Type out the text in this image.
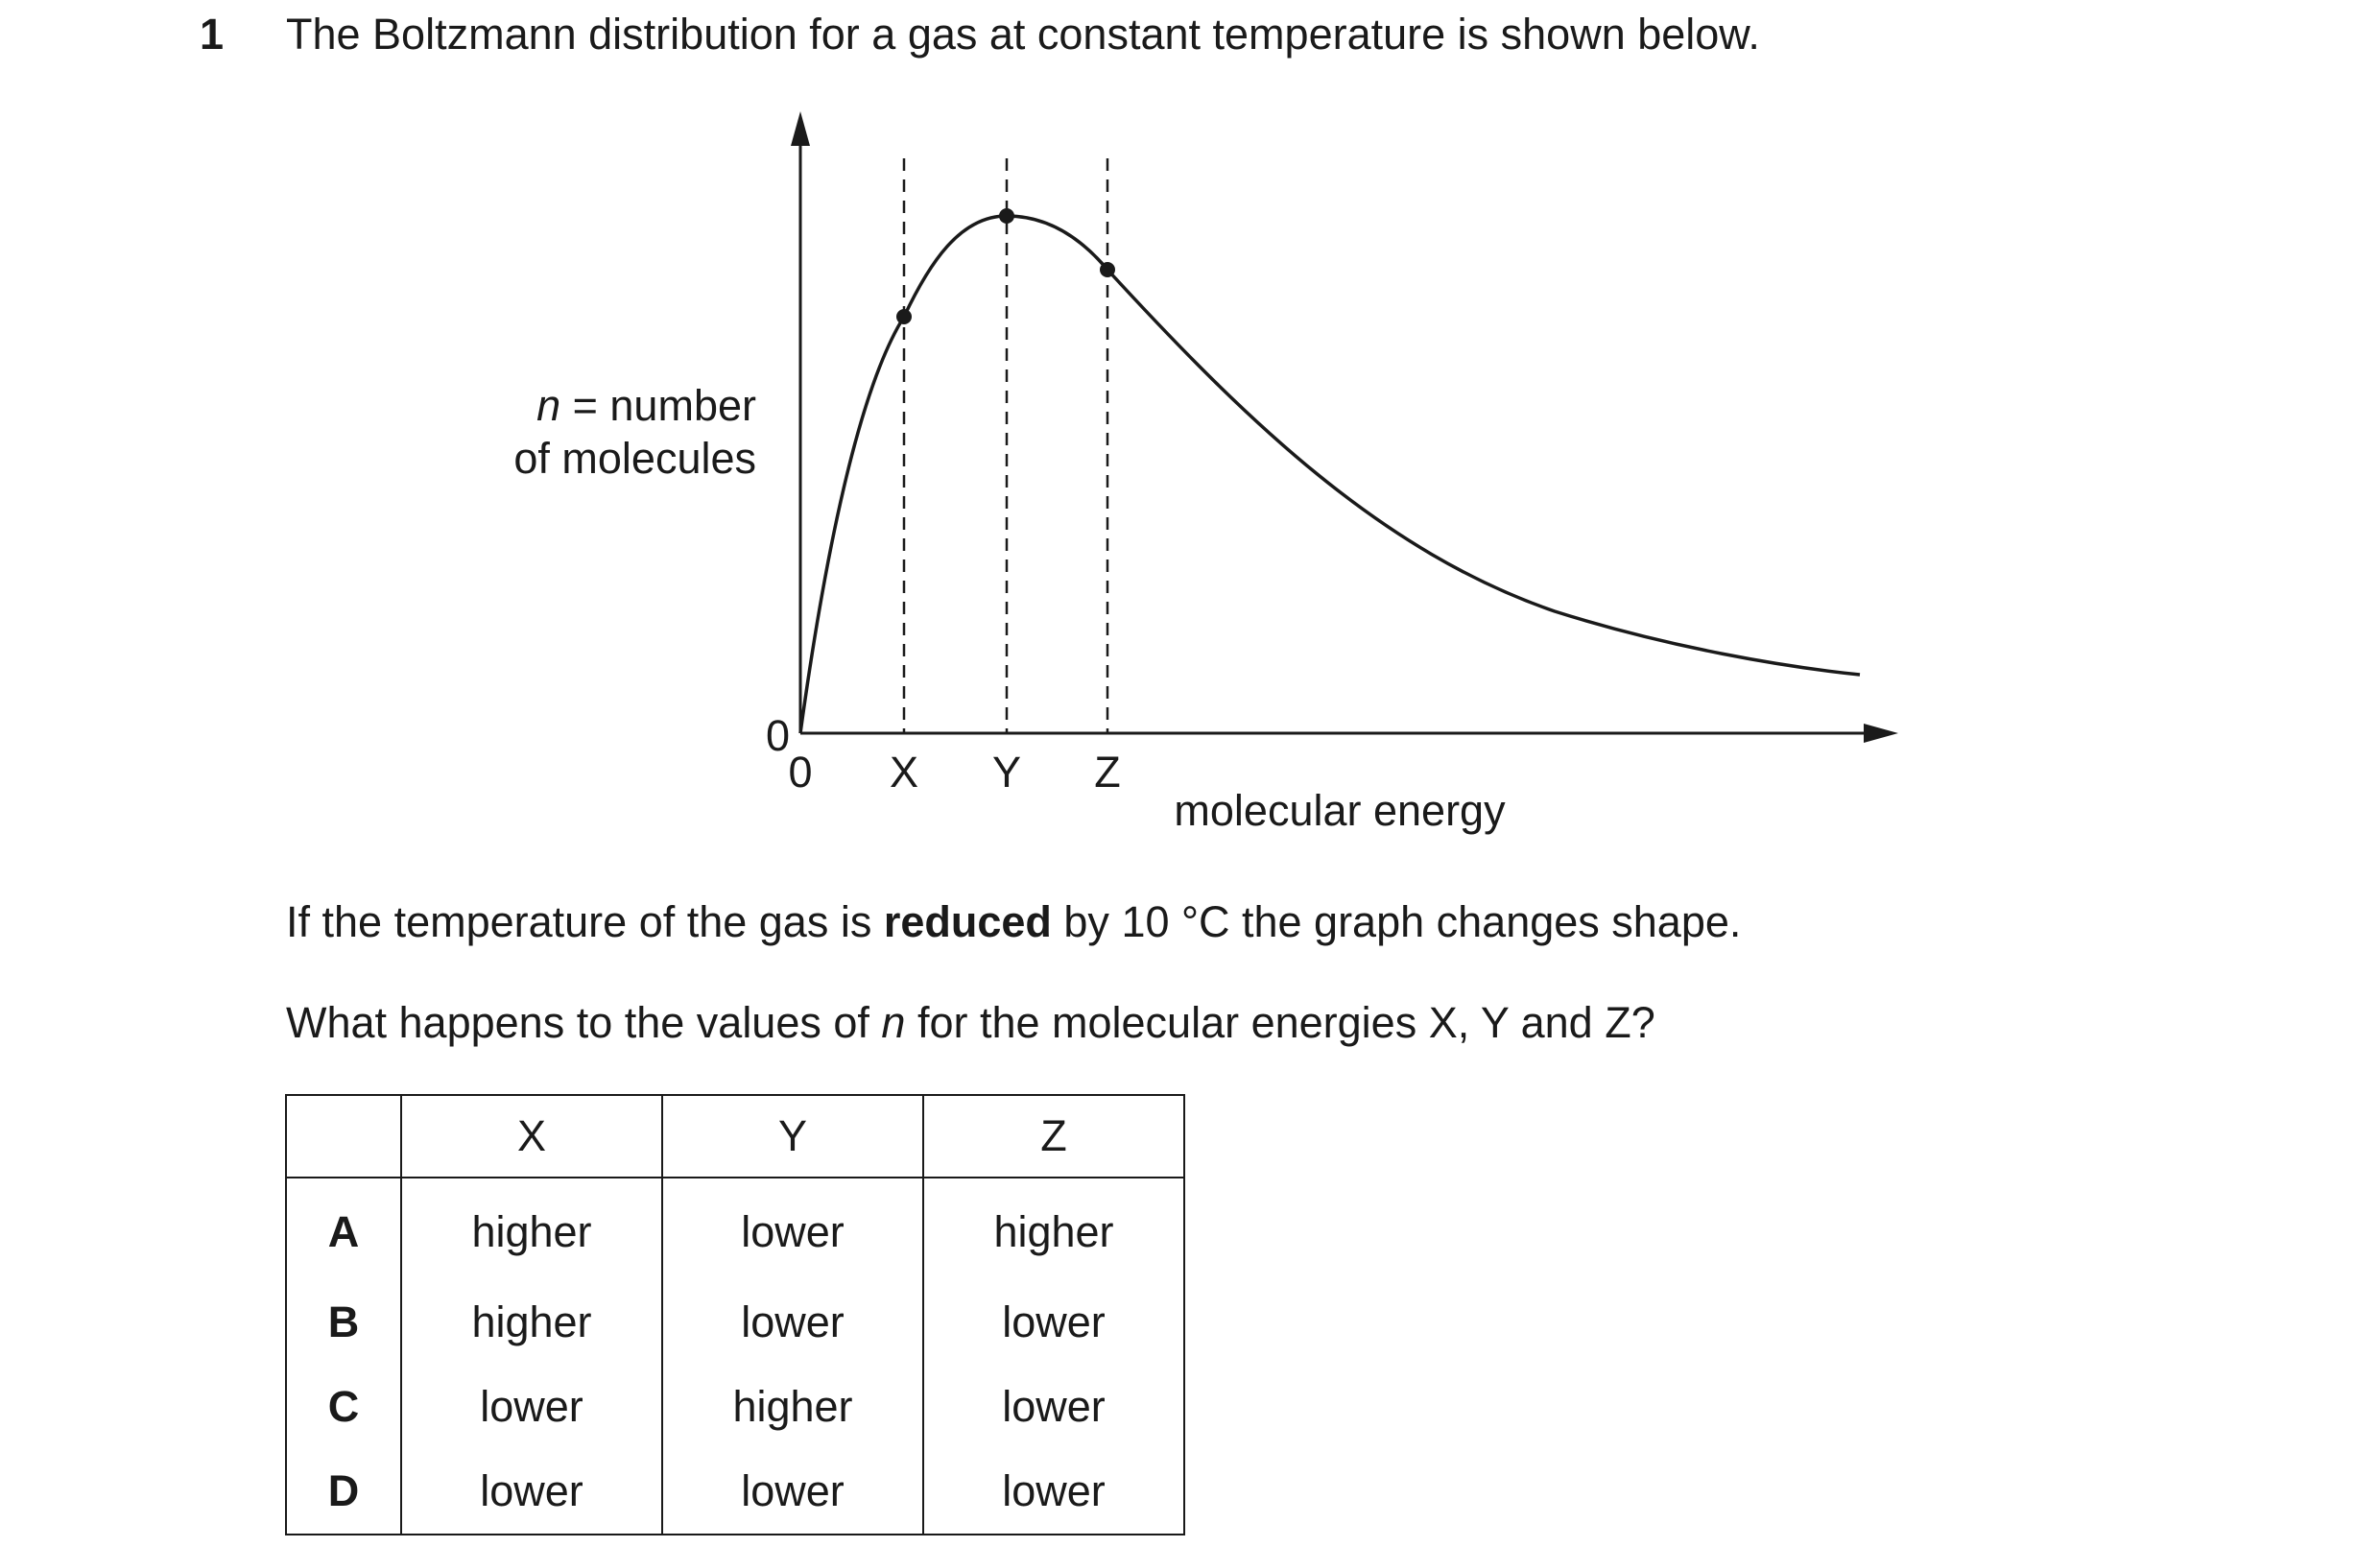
1 The Boltzmann distribution for a gas at constant temperature is shown below.
n = number
of molecules
0
0 X Y Z
molecular energy
If the temperature of the gas is reduced by 10 °C the graph changes shape.
What happens to the values of n for the molecular energies X, Y and Z?
	X	Y	Z
A	higher	lower	higher
B	higher	lower	lower
C	lower	higher	lower
D	lower	lower	lower
